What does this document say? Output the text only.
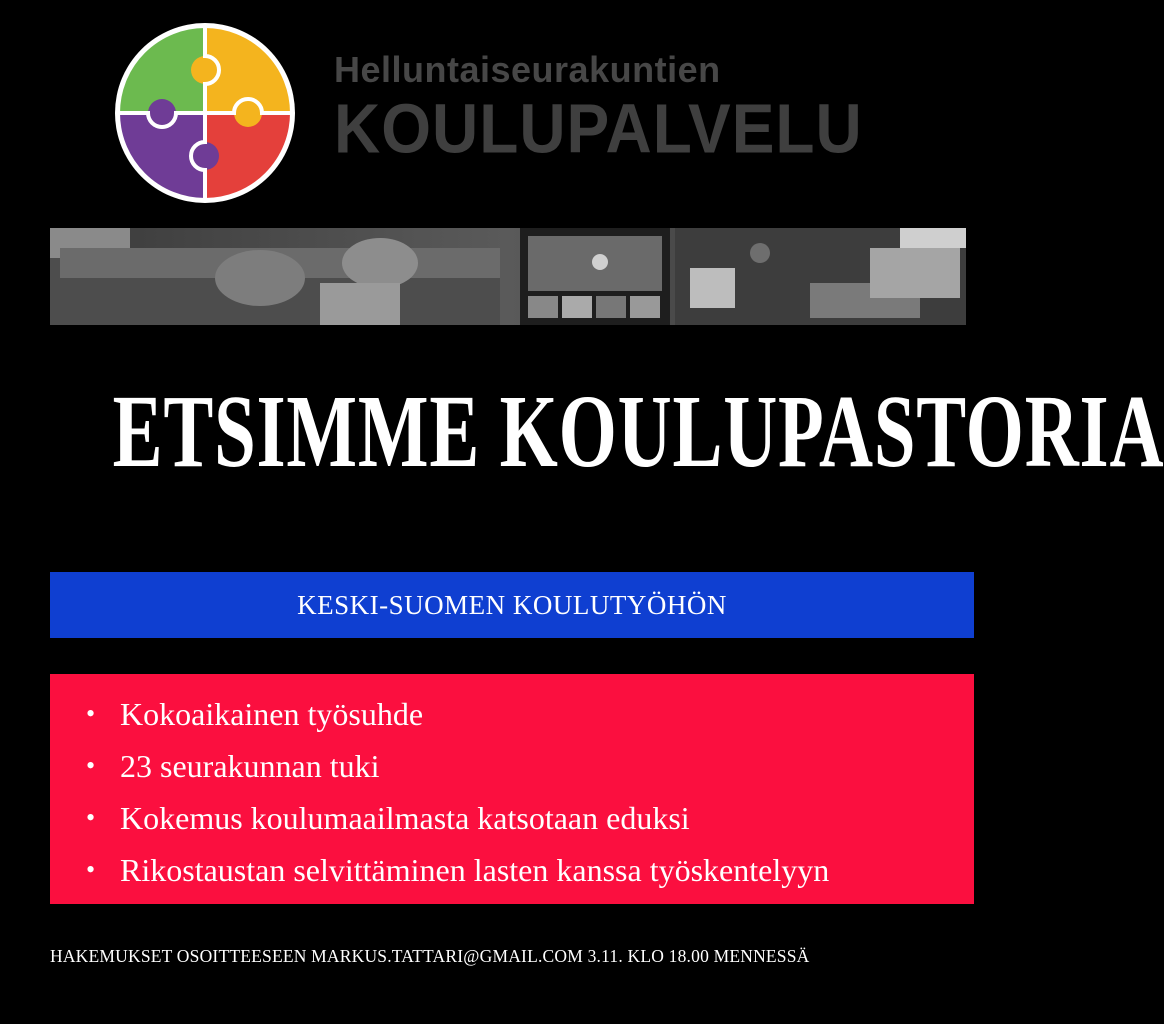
Helluntaiseurakuntien
KOULUPALVELU
ETSIMME KOULUPASTORIA
KESKI-SUOMEN KOULUTYÖHÖN
• Kokoaikainen työsuhde
• 23 seurakunnan tuki
• Kokemus koulumaailmasta katsotaan eduksi
• Rikostaustan selvittäminen lasten kanssa työskentelyyn
HAKEMUKSET OSOITTEESEEN MARKUS.TATTARI@GMAIL.COM 3.11. KLO 18.00 MENNESSÄ
